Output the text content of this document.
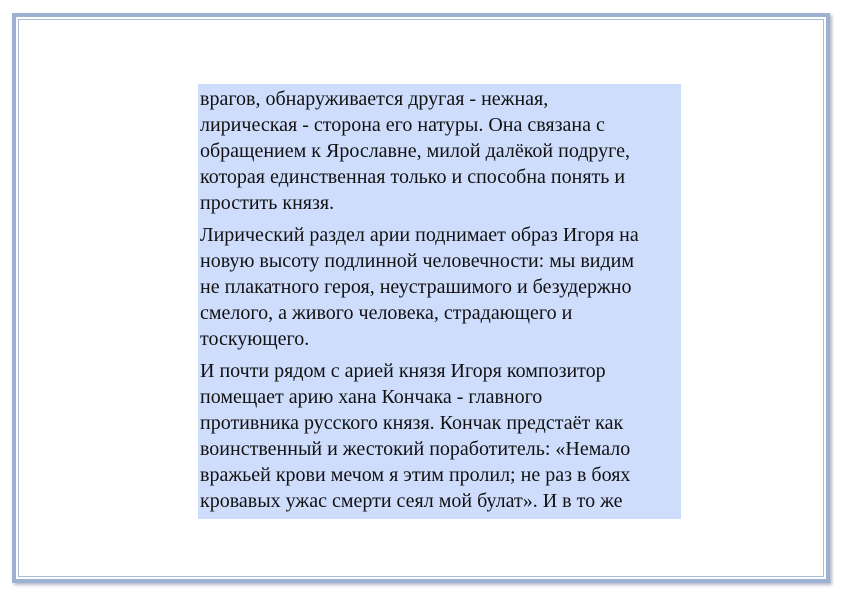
врагов, обнаруживается другая - нежная,
лирическая - сторона его натуры. Она связана с
обращением к Ярославне, милой далёкой подруге,
которая единственная только и способна понять и
простить князя.

Лирический раздел арии поднимает образ Игоря на
новую высоту подлинной человечности: мы видим
не плакатного героя, неустрашимого и безудержно
смелого, а живого человека, страдающего и
тоскующего.

И почти рядом с арией князя Игоря композитор
помещает арию хана Кончака - главного
противника русского князя. Кончак предстаёт как
воинственный и жестокий поработитель: «Немало
вражьей крови мечом я этим пролил; не раз в боях
кровавых ужас смерти сеял мой булат». И в то же
